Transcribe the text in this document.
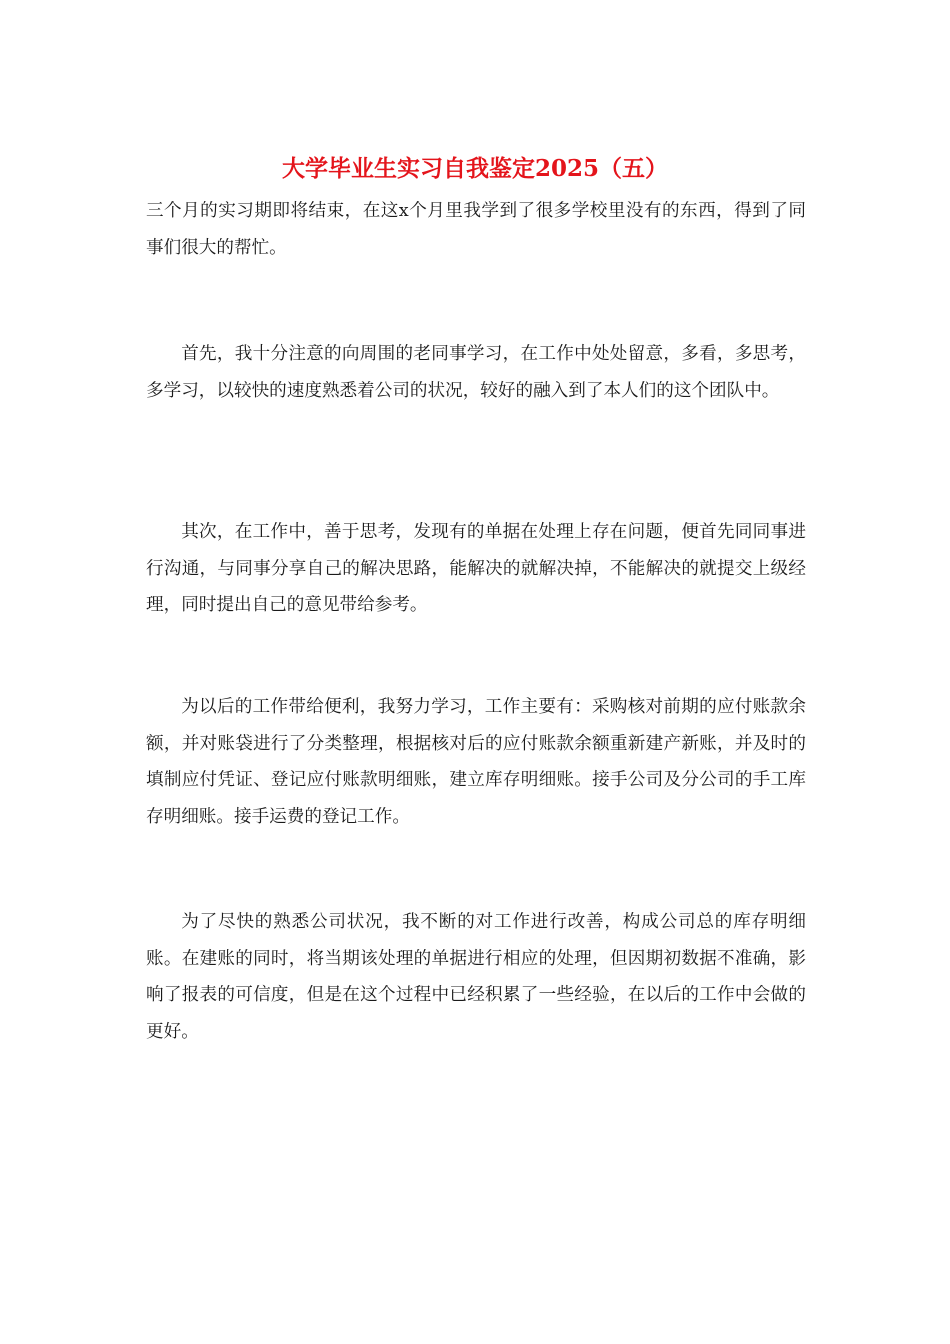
大学毕业生实习自我鉴定2025（五）

三个月的实习期即将结束，在这x个月里我学到了很多学校里没有的东西，得到了同事们很大的帮忙。

首先，我十分注意的向周围的老同事学习，在工作中处处留意，多看，多思考，多学习，以较快的速度熟悉着公司的状况，较好的融入到了本人们的这个团队中。

其次，在工作中，善于思考，发现有的单据在处理上存在问题，便首先同同事进行沟通，与同事分享自己的解决思路，能解决的就解决掉，不能解决的就提交上级经理，同时提出自己的意见带给参考。

为以后的工作带给便利，我努力学习，工作主要有：采购核对前期的应付账款余额，并对账袋进行了分类整理，根据核对后的应付账款余额重新建产新账，并及时的填制应付凭证、登记应付账款明细账，建立库存明细账。接手公司及分公司的手工库存明细账。接手运费的登记工作。

为了尽快的熟悉公司状况，我不断的对工作进行改善，构成公司总的库存明细账。在建账的同时，将当期该处理的单据进行相应的处理，但因期初数据不准确，影响了报表的可信度，但是在这个过程中已经积累了一些经验，在以后的工作中会做的更好。
